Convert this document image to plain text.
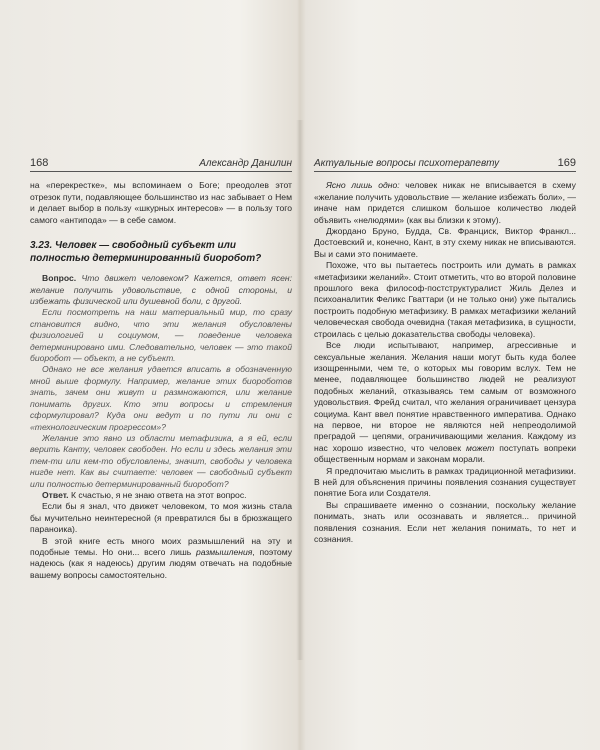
168	Александр Данилин

на «перекрестке», мы вспоминаем о Боге; преодолев этот отрезок пути, подавляющее большинство из нас забывает о Нем и делает выбор в пользу «шкурных интересов» — в пользу того самого «антипода» — в себе самом.

3.23. Человек — свободный субъект или полностью детерминированный биоробот?

Вопрос. Что движет человеком? Кажется, ответ ясен: желание получить удовольствие, с одной стороны, и избежать физической или душевной боли, с другой.

Если посмотреть на наш материальный мир, то сразу становится видно, что эти желания обусловлены физиологией и социумом, — поведение человека детерминировано ими. Следовательно, человек — это такой биоробот — объект, а не субъект.

Однако не все желания удается вписать в обозначенную мной выше формулу. Например, желание этих биороботов знать, зачем они живут и размножаются, или желание понимать других. Кто эти вопросы и стремления сформулировал? Куда они ведут и по пути ли они с «технологическим прогрессом»?

Желание это явно из области метафизика, а я ей, если верить Канту, человек свободен. Но если и здесь желания эти тем-ти или кем-то обусловлены, значит, свободы у человека нигде нет. Как вы считаете: человек — свободный субъект или полностью детерминированный биоробот?

Ответ. К счастью, я не знаю ответа на этот вопрос.

Если бы я знал, что движет человеком, то моя жизнь стала бы мучительно неинтересной (я превратился бы в брюзжащего параноика).

В этой книге есть много моих размышлений на эту и подобные темы. Но они... всего лишь размышления, поэтому надеюсь (как я надеюсь) другим людям отвечать на подобные вашему вопросы самостоятельно.

Актуальные вопросы психотерапевту	169

Ясно лишь одно: человек никак не вписывается в схему «желание получить удовольствие — желание избежать боли», — иначе нам придется слишком большое количество людей объявить «нелюдями» (как вы близки к этому).

Джордано Бруно, Будда, Св. Франциск, Виктор Франкл... Достоевский и, конечно, Кант, в эту схему никак не вписываются. Вы и сами это понимаете.

Похоже, что вы пытаетесь построить или думать в рамках «метафизики желаний». Стоит отметить, что во второй половине прошлого века философ-постструктуралист Жиль Делез и психоаналитик Феликс Гваттари (и не только они) уже пытались построить подобную метафизику. В рамках метафизики желаний человеческая свобода очевидна (такая метафизика, в сущности, строилась с целью доказательства свободы человека).

Все люди испытывают, например, агрессивные и сексуальные желания. Желания наши могут быть куда более изощренными, чем те, о которых мы говорим вслух. Тем не менее, подавляющее большинство людей не реализуют подобных желаний, отказываясь тем самым от возможного удовольствия. Фрейд считал, что желания ограничивает цензура социума. Кант ввел понятие нравственного императива. Однако на первое, ни второе не являются ней непреодолимой преградой — цепями, ограничивающими желания. Каждому из нас хорошо известно, что человек может поступать вопреки общественным нормам и законам морали.

Я предпочитаю мыслить в рамках традиционной метафизики. В ней для объяснения причины появления сознания существует понятие Бога или Создателя.

Вы спрашиваете именно о сознании, поскольку желание понимать, знать или осознавать и является... причиной появления сознания. Если нет желания понимать, то нет и сознания.
